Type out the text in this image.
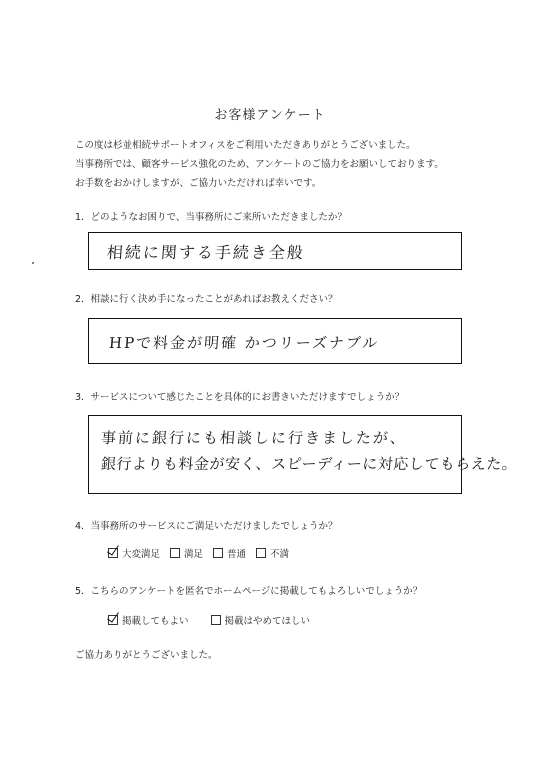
お客様アンケート
この度は杉並相続サポートオフィスをご利用いただきありがとうございました。
当事務所では、顧客サービス強化のため、アンケートのご協力をお願いしております。
お手数をおかけしますが、ご協力いただければ幸いです。
1．どのようなお困りで、当事務所にご来所いただきましたか？
相続に関する手続き全般
2．相談に行く決め手になったことがあればお教えください？
HPで料金が明確 かつリーズナブル
3．サービスについて感じたことを具体的にお書きいただけますでしょうか？
事前に銀行にも相談しに行きましたが、
銀行よりも料金が安く、スピーディーに対応してもらえた。
4．当事務所のサービスにご満足いただけましたでしょうか？
大変満足	満足	普通	不満
5．こちらのアンケートを匿名でホームページに掲載してもよろしいでしょうか？
掲載してもよい	掲載はやめてほしい
ご協力ありがとうございました。
